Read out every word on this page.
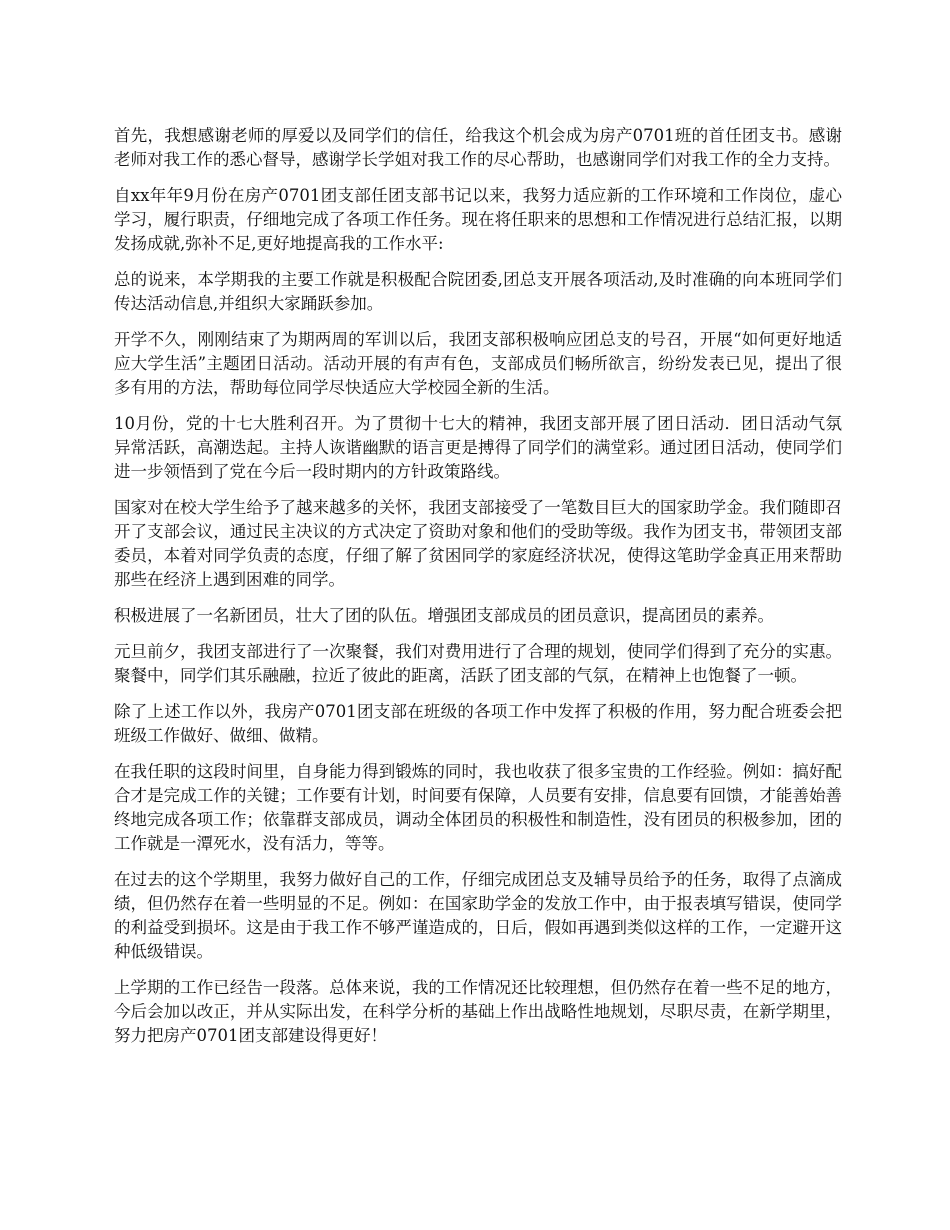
首先，我想感谢老师的厚爱以及同学们的信任，给我这个机会成为房产0701班的首任团支书。感谢老师对我工作的悉心督导，感谢学长学姐对我工作的尽心帮助，也感谢同学们对我工作的全力支持。

自xx年年9月份在房产0701团支部任团支部书记以来，我努力适应新的工作环境和工作岗位，虚心学习，履行职责，仔细地完成了各项工作任务。现在将任职来的思想和工作情况进行总结汇报，以期发扬成就,弥补不足,更好地提高我的工作水平:

总的说来，本学期我的主要工作就是积极配合院团委,团总支开展各项活动,及时准确的向本班同学们传达活动信息,并组织大家踊跃参加。

开学不久，刚刚结束了为期两周的军训以后，我团支部积极响应团总支的号召，开展“如何更好地适应大学生活”主题团日活动。活动开展的有声有色，支部成员们畅所欲言，纷纷发表已见，提出了很多有用的方法，帮助每位同学尽快适应大学校园全新的生活。

10月份，党的十七大胜利召开。为了贯彻十七大的精神，我团支部开展了团日活动．团日活动气氛异常活跃，高潮迭起。主持人诙谐幽默的语言更是搏得了同学们的满堂彩。通过团日活动，使同学们进一步领悟到了党在今后一段时期内的方针政策路线。

国家对在校大学生给予了越来越多的关怀，我团支部接受了一笔数目巨大的国家助学金。我们随即召开了支部会议，通过民主决议的方式决定了资助对象和他们的受助等级。我作为团支书，带领团支部委员，本着对同学负责的态度，仔细了解了贫困同学的家庭经济状况，使得这笔助学金真正用来帮助那些在经济上遇到困难的同学。

积极进展了一名新团员，壮大了团的队伍。增强团支部成员的团员意识，提高团员的素养。

元旦前夕，我团支部进行了一次聚餐，我们对费用进行了合理的规划，使同学们得到了充分的实惠。聚餐中，同学们其乐融融，拉近了彼此的距离，活跃了团支部的气氛，在精神上也饱餐了一顿。

除了上述工作以外，我房产0701团支部在班级的各项工作中发挥了积极的作用，努力配合班委会把班级工作做好、做细、做精。

在我任职的这段时间里，自身能力得到锻炼的同时，我也收获了很多宝贵的工作经验。例如：搞好配合才是完成工作的关键；工作要有计划，时间要有保障，人员要有安排，信息要有回馈，才能善始善终地完成各项工作；依靠群支部成员，调动全体团员的积极性和制造性，没有团员的积极参加，团的工作就是一潭死水，没有活力，等等。

在过去的这个学期里，我努力做好自己的工作，仔细完成团总支及辅导员给予的任务，取得了点滴成绩，但仍然存在着一些明显的不足。例如：在国家助学金的发放工作中，由于报表填写错误，使同学的利益受到损坏。这是由于我工作不够严谨造成的，日后，假如再遇到类似这样的工作，一定避开这种低级错误。

上学期的工作已经告一段落。总体来说，我的工作情况还比较理想，但仍然存在着一些不足的地方，今后会加以改正，并从实际出发，在科学分析的基础上作出战略性地规划，尽职尽责，在新学期里，努力把房产0701团支部建设得更好！
